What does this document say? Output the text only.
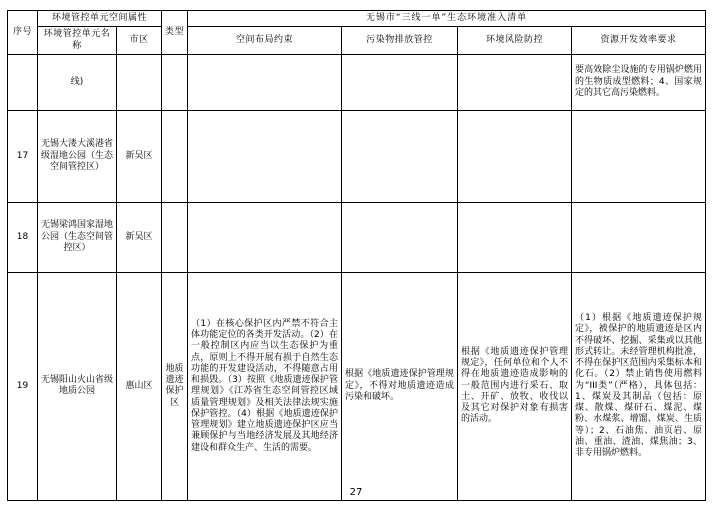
序号	环境管控单元空间属性		类型	无锡市“三线一单”生态环境准入清单			
	环境管控单元名称	市区		空间布局约束	污染物排放管控	环境风险防控	资源开发效率要求
	线)						要高效除尘设施的专用锅炉燃用的生物质成型燃料；4、国家规定的其它高污染燃料。
17	无锡大溇大溪港省级湿地公园（生态空间管控区）	新吴区					
18	无锡梁鸿国家湿地公园（生态空间管控区）	新吴区					
19	无锡阳山火山省级地质公园	惠山区	地质遗迹保护区	（1）在核心保护区内严禁不符合主体功能定位的各类开发活动。（2）在一般控制区内应当以生态保护为重点，原则上不得开展有损于自然生态功能的开发建设活动，不得随意占用和损毁。（3）按照《地质遗迹保护管理规划》《江苏省生态空间管控区域质量管理规划》及相关法律法规实施保护管控。（4）根据《地质遗迹保护管理规划》建立地质遗迹保护区应当兼顾保护与当地经济发展及其地经济建设和群众生产、生活的需要。	根据《地质遗迹保护管理规定》，不得对地质遗迹造成污染和破坏。	根据《地质遗迹保护管理规定》，任何单位和个人不得在地质遗迹造成影响的一般范围内进行采石、取土、开矿、放牧、收伐以及其它对保护对象有损害的活动。	（1）根据《地质遗迹保护规定》，被保护的地质遗迹是区内不得破坏、挖掘、采集或以其他形式转让。未经管理机构批准，不得在保护区范围内采集标本和化石。（2）禁止销售使用燃料为“III类”（严格），具体包括：1、煤炭及其制品（包括：原煤、散煤、煤矸石、煤泥、煤粉、水煤浆、增馏、煤炭、生质等）；2、石油焦、油页岩、原油、重油、渣油、煤焦油；3、非专用锅炉燃料。
27
